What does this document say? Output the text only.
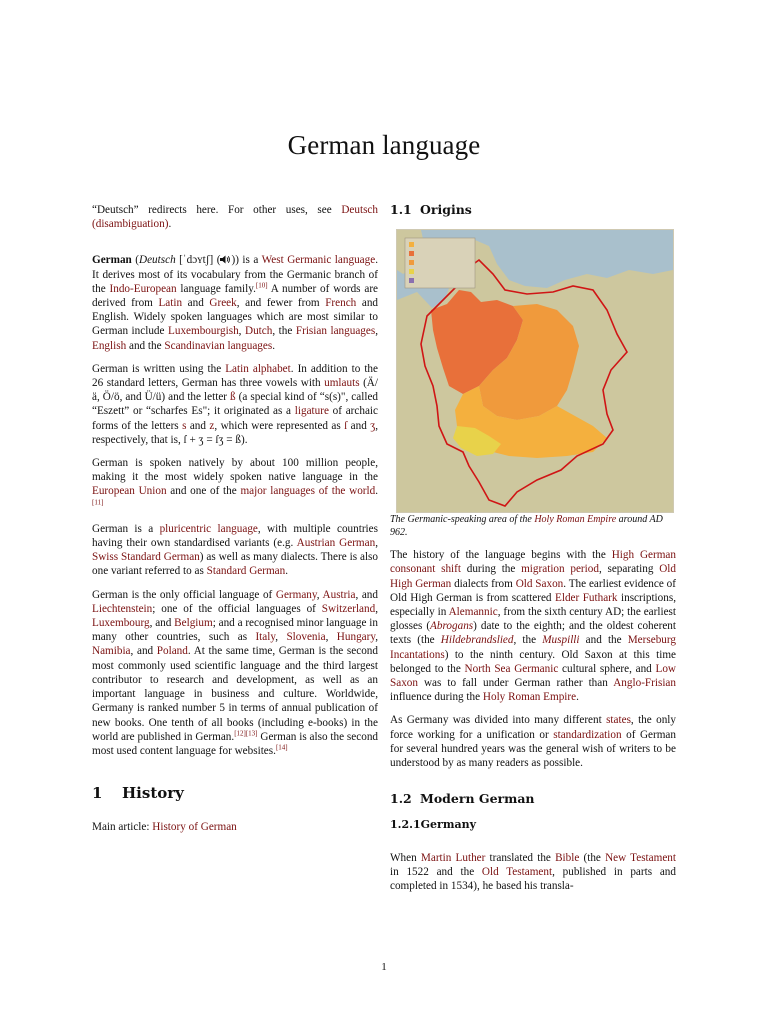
German language

“Deutsch” redirects here. For other uses, see Deutsch (disambiguation).

German (Deutsch [ˈdɔʏtʃ] ( )) is a West Germanic language. It derives most of its vocabulary from the Germanic branch of the Indo-European language family.[10] A number of words are derived from Latin and Greek, and fewer from French and English. Widely spoken languages which are most similar to German include Luxembourgish, Dutch, the Frisian languages, English and the Scandinavian languages.

German is written using the Latin alphabet. In addition to the 26 standard letters, German has three vowels with umlauts (Ä/ä, Ö/ö, and Ü/ü) and the letter ß (a special kind of “s(s)", called “Eszett” or “scharfes Es"; it originated as a ligature of archaic forms of the letters s and z, which were represented as ſ and ʒ, respectively, that is, ſ + ʒ = ſʒ = ß).

German is spoken natively by about 100 million people, making it the most widely spoken native language in the European Union and one of the major languages of the world.[11]

German is a pluricentric language, with multiple countries having their own standardised variants (e.g. Austrian German, Swiss Standard German) as well as many dialects. There is also one variant referred to as Standard German.

German is the only official language of Germany, Austria, and Liechtenstein; one of the official languages of Switzerland, Luxembourg, and Belgium; and a recognised minor language in many other countries, such as Italy, Slovenia, Hungary, Namibia, and Poland. At the same time, German is the second most commonly used scientific language and the third largest contributor to research and development, as well as an important language in business and culture. Worldwide, Germany is ranked number 5 in terms of annual publication of new books. One tenth of all books (including e-books) in the world are published in German.[12][13] German is also the second most used content language for websites.[14]

1 History

Main article: History of German

1.1 Origins

The Germanic-speaking area of the Holy Roman Empire around AD 962.

The history of the language begins with the High German consonant shift during the migration period, separating Old High German dialects from Old Saxon. The earliest evidence of Old High German is from scattered Elder Futhark inscriptions, especially in Alemannic, from the sixth century AD; the earliest glosses (Abrogans) date to the eighth; and the oldest coherent texts (the Hildebrandslied, the Muspilli and the Merseburg Incantations) to the ninth century. Old Saxon at this time belonged to the North Sea Germanic cultural sphere, and Low Saxon was to fall under German rather than Anglo-Frisian influence during the Holy Roman Empire.

As Germany was divided into many different states, the only force working for a unification or standardization of German for several hundred years was the general wish of writers to be understood by as many readers as possible.

1.2 Modern German
1.2.1Germany

When Martin Luther translated the Bible (the New Testament in 1522 and the Old Testament, published in parts and completed in 1534), he based his transla-

1
